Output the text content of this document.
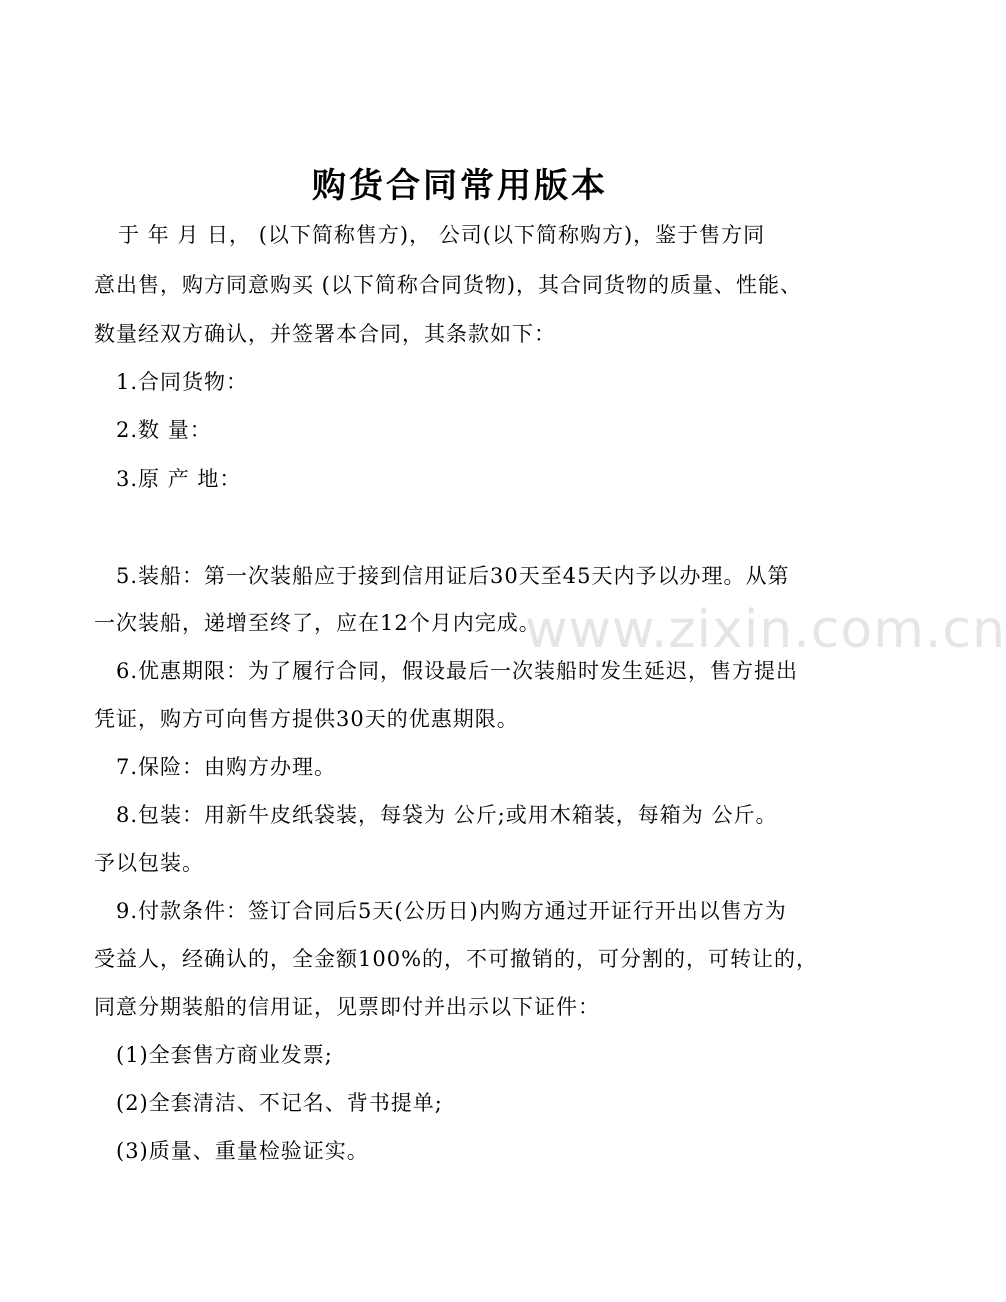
购货合同常用版本
于 年 月 日， (以下简称售方)， 公司(以下简称购方)，鉴于售方同
意出售，购方同意购买 (以下简称合同货物)，其合同货物的质量、性能、
数量经双方确认，并签署本合同，其条款如下：
1.合同货物：
2.数 量：
3.原 产 地：
5.装船：第一次装船应于接到信用证后30天至45天内予以办理。从第
一次装船，递增至终了，应在12个月内完成。
6.优惠期限：为了履行合同，假设最后一次装船时发生延迟，售方提出
凭证，购方可向售方提供30天的优惠期限。
7.保险：由购方办理。
8.包装：用新牛皮纸袋装，每袋为 公斤;或用木箱装，每箱为 公斤。
予以包装。
9.付款条件：签订合同后5天(公历日)内购方通过开证行开出以售方为
受益人，经确认的，全金额100%的，不可撤销的，可分割的，可转让的，
同意分期装船的信用证，见票即付并出示以下证件：
(1)全套售方商业发票;
(2)全套清洁、不记名、背书提单;
(3)质量、重量检验证实。
www.zixin.com.cn
